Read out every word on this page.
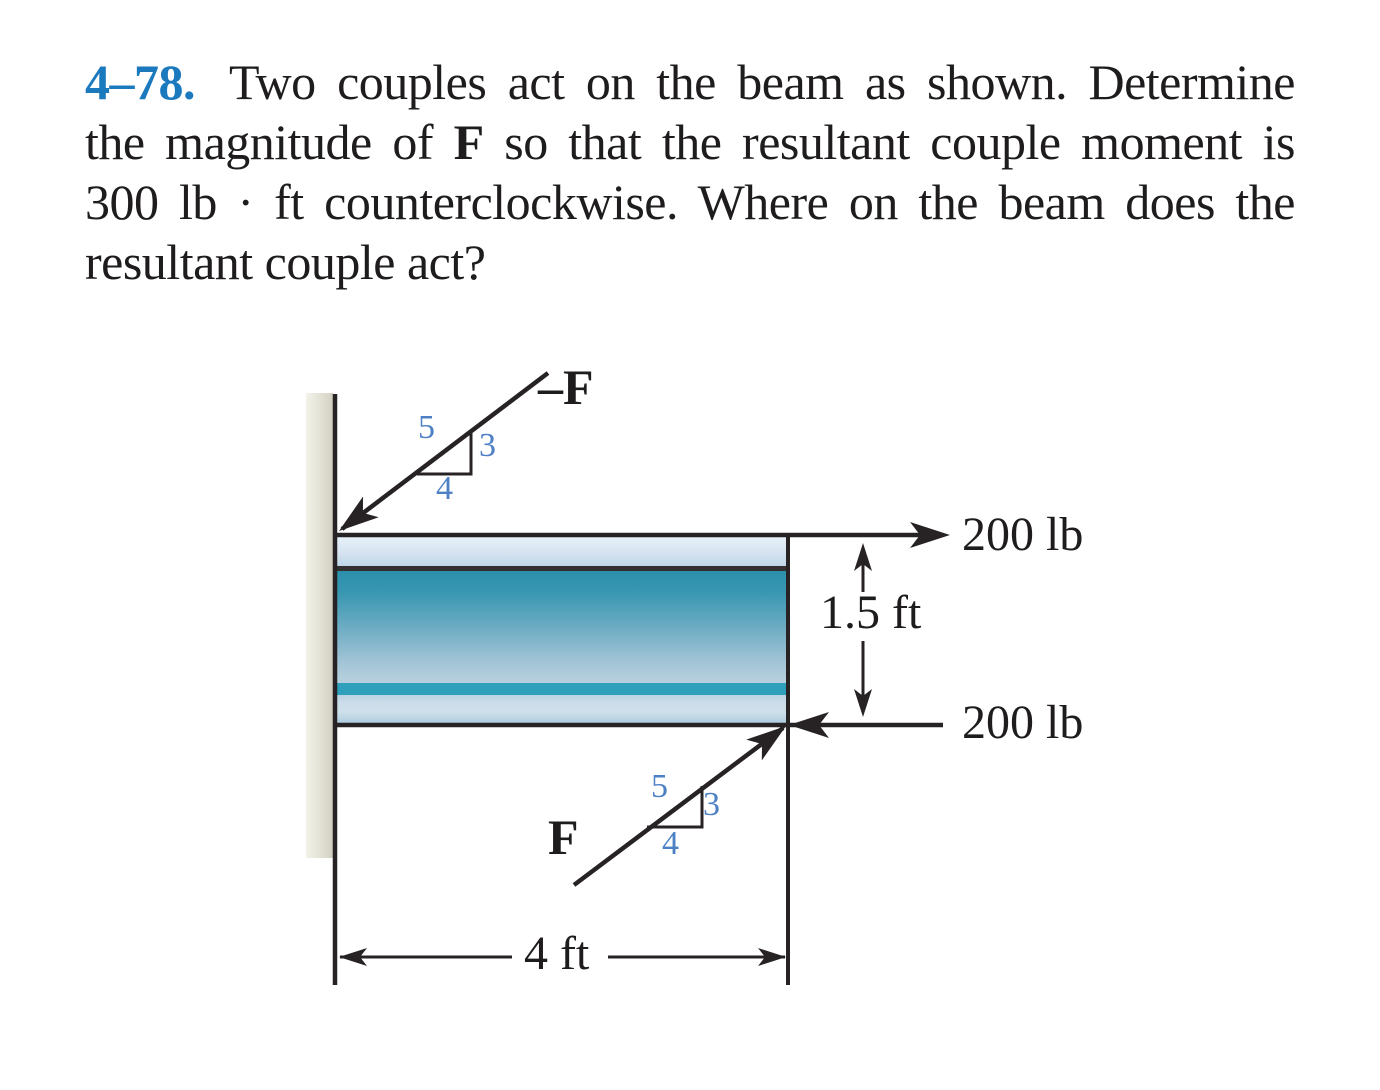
4–78. Two couples act on the beam as shown. Determine
the magnitude of F so that the resultant couple moment is
300 lb · ft counterclockwise. Where on the beam does the
resultant couple act?
–F
F
200 lb
200 lb
1.5 ft
4 ft
5 3
4
5 3
4
